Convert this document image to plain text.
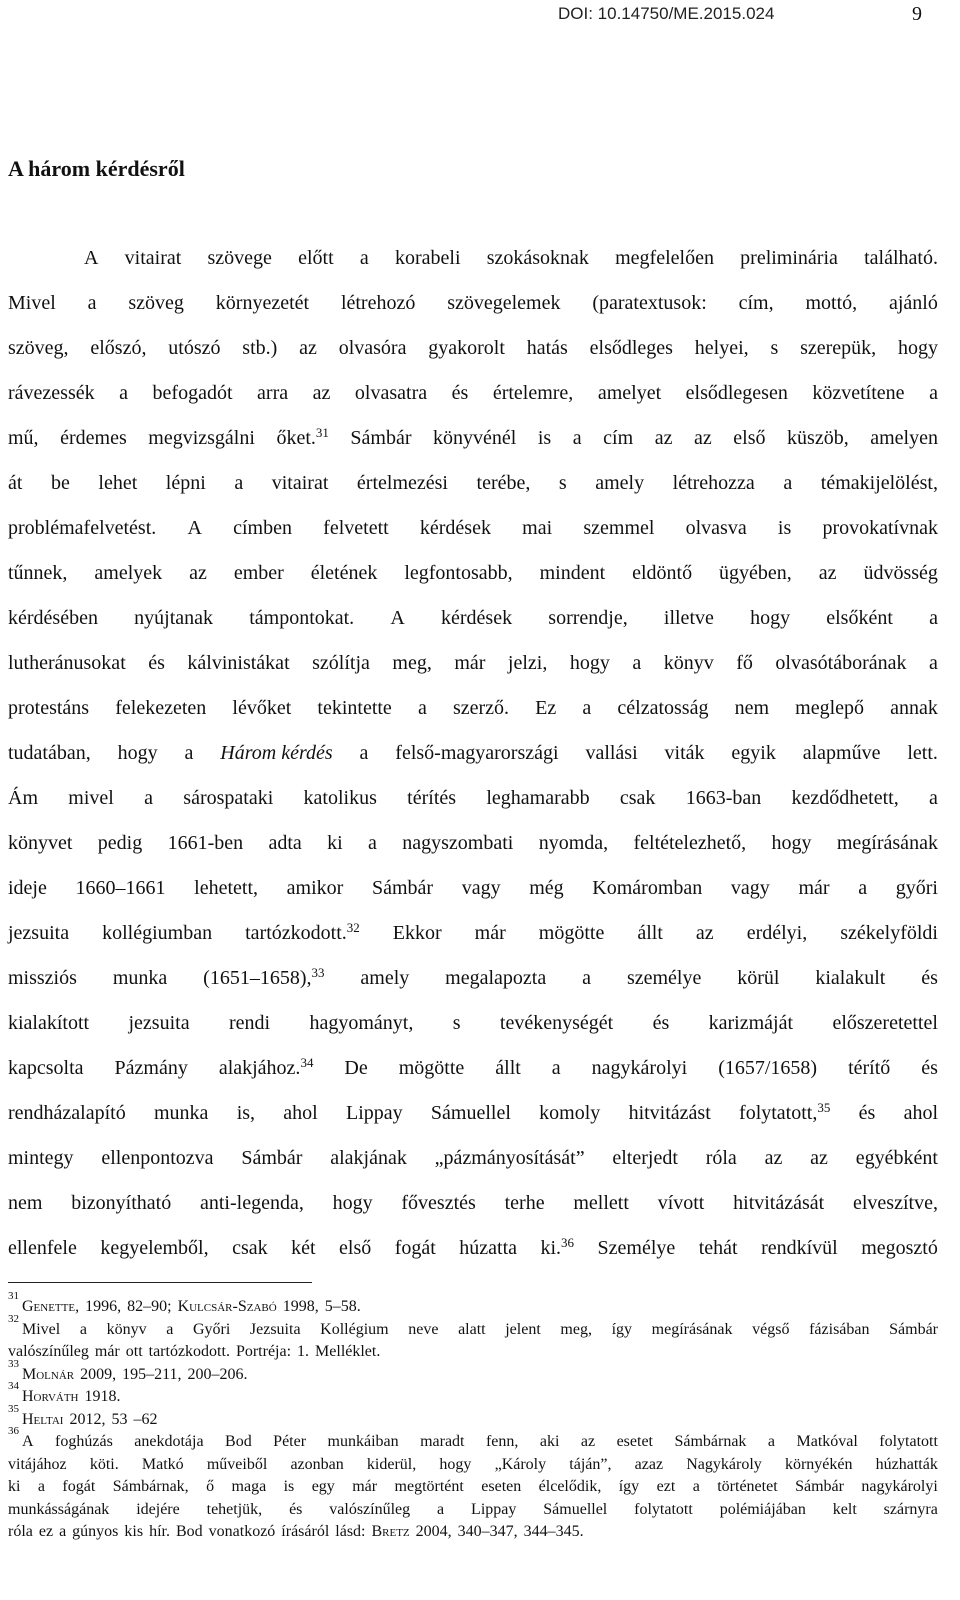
DOI: 10.14750/ME.2015.024	9
A három kérdésről
A vitairat szövege előtt a korabeli szokásoknak megfelelően preliminária található.
Mivel a szöveg környezetét létrehozó szövegelemek (paratextusok: cím, mottó, ajánló
szöveg, előszó, utószó stb.) az olvasóra gyakorolt hatás elsődleges helyei, s szerepük, hogy
rávezessék a befogadót arra az olvasatra és értelemre, amelyet elsődlegesen közvetítene a
mű, érdemes megvizsgálni őket.$^{31}$ Sámbár könyvénél is a cím az az első küszöb, amelyen
át be lehet lépni a vitairat értelmezési terébe, s amely létrehozza a témakijelölést,
problémafelvetést. A címben felvetett kérdések mai szemmel olvasva is provokatívnak
tűnnek, amelyek az ember életének legfontosabb, mindent eldöntő ügyében, az üdvösség
kérdésében nyújtanak támpontokat. A kérdések sorrendje, illetve hogy elsőként a
lutheránusokat és kálvinistákat szólítja meg, már jelzi, hogy a könyv fő olvasótáborának a
protestáns felekezeten lévőket tekintette a szerző. Ez a célzatosság nem meglepő annak
tudatában, hogy a Három kérdés a felső-magyarországi vallási viták egyik alapműve lett.
Ám mivel a sárospataki katolikus térítés leghamarabb csak 1663-ban kezdődhetett, a
könyvet pedig 1661-ben adta ki a nagyszombati nyomda, feltételezhető, hogy megírásának
ideje 1660–1661 lehetett, amikor Sámbár vagy még Komáromban vagy már a győri
jezsuita kollégiumban tartózkodott.$^{32}$ Ekkor már mögötte állt az erdélyi, székelyföldi
missziós munka (1651–1658),$^{33}$ amely megalapozta a személye körül kialakult és
kialakított jezsuita rendi hagyományt, s tevékenységét és karizmáját előszeretettel
kapcsolta Pázmány alakjához.$^{34}$ De mögötte állt a nagykárolyi (1657/1658) térítő és
rendházalapító munka is, ahol Lippay Sámuellel komoly hitvitázást folytatott,$^{35}$ és ahol
mintegy ellenpontozva Sámbár alakjának „pázmányosítását” elterjedt róla az az egyébként
nem bizonyítható anti-legenda, hogy fővesztés terhe mellett vívott hitvitázását elveszítve,
ellenfele kegyelemből, csak két első fogát húzatta ki.$^{36}$ Személye tehát rendkívül megosztó
31
Genette, 1996, 82–90; Kulcsár-Szabó 1998, 5–58.
32
Mivel a könyv a Győri Jezsuita Kollégium neve alatt jelent meg, így megírásának végső fázisában Sámbár
valószínűleg már ott tartózkodott. Portréja: 1. Melléklet.
33
Molnár 2009, 195–211, 200–206.
34
Horváth 1918.
35
Heltai 2012, 53 –62
36
A foghúzás anekdotája Bod Péter munkáiban maradt fenn, aki az esetet Sámbárnak a Matkóval folytatott
vitájához köti. Matkó műveiből azonban kiderül, hogy „Károly táján”, azaz Nagykároly környékén húzhatták
ki a fogát Sámbárnak, ő maga is egy már megtörtént eseten élcelődik, így ezt a történetet Sámbár nagykárolyi
munkásságának idejére tehetjük, és valószínűleg a Lippay Sámuellel folytatott polémiájában kelt szárnyra
róla ez a gúnyos kis hír. Bod vonatkozó írásáról lásd: Bretz 2004, 340–347, 344–345.
